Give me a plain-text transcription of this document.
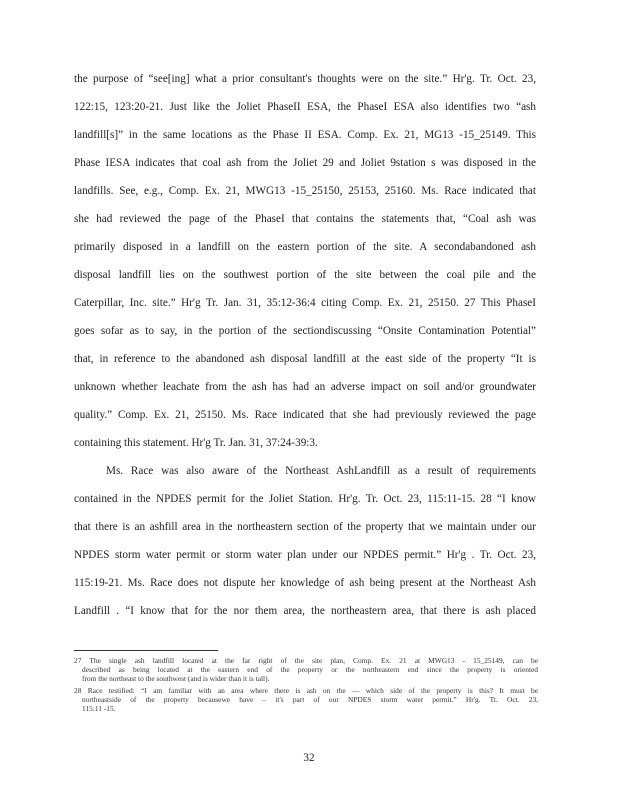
the purpose of “see[ing] what a prior consultant's thoughts were on the site.” Hr'g. Tr. Oct. 23,
122:15, 123:20-21. Just like the Joliet PhaseII ESA, the PhaseI ESA also identifies two “ash
landfill[s]” in the same locations as the Phase II ESA. Comp. Ex. 21, MG13 -15_25149. This
Phase IESA indicates that coal ash from the Joliet 29 and Joliet 9station s was disposed in the
landfills. See, e.g., Comp. Ex. 21, MWG13 -15_25150, 25153, 25160. Ms. Race indicated that
she had reviewed the page of the PhaseI that contains the statements that, “Coal ash was
primarily disposed in a landfill on the eastern portion of the site. A secondabandoned ash
disposal landfill lies on the southwest portion of the site between the coal pile and the
Caterpillar, Inc. site.” Hr'g Tr. Jan. 31, 35:12-36:4 citing Comp. Ex. 21, 25150. 27 This PhaseI
goes sofar as to say, in the portion of the sectiondiscussing “Onsite Contamination Potential”
that, in reference to the abandoned ash disposal landfill at the east side of the property “It is
unknown whether leachate from the ash has had an adverse impact on soil and/or groundwater
quality.” Comp. Ex. 21, 25150. Ms. Race indicated that she had previously reviewed the page
containing this statement. Hr'g Tr. Jan. 31, 37:24-39:3.
Ms. Race was also aware of the Northeast AshLandfill as a result of requirements
contained in the NPDES permit for the Joliet Station. Hr'g. Tr. Oct. 23, 115:11-15. 28 “I know
that there is an ashfill area in the northeastern section of the property that we maintain under our
NPDES storm water permit or storm water plan under our NPDES permit.” Hr'g . Tr. Oct. 23,
115:19-21. Ms. Race does not dispute her knowledge of ash being present at the Northeast Ash
Landfill . “I know that for the nor them area, the northeastern area, that there is ash placed
27 The single ash landfill located at the far right of the site plan, Comp. Ex. 21 at MWG13 - 15_25149, can be
described as being located at the eastern end of the property or the northeastern end since the property is oriented
from the northeast to the southwest (and is wider than it is tall).
28 Race testified: “I am familiar with an area where there is ash on the — which side of the property is this? It must be
northeastside of the property becausewe have – it's part of our NPDES storm water permit.” Hr'g. Tr. Oct. 23,
115:11 -15.
32
